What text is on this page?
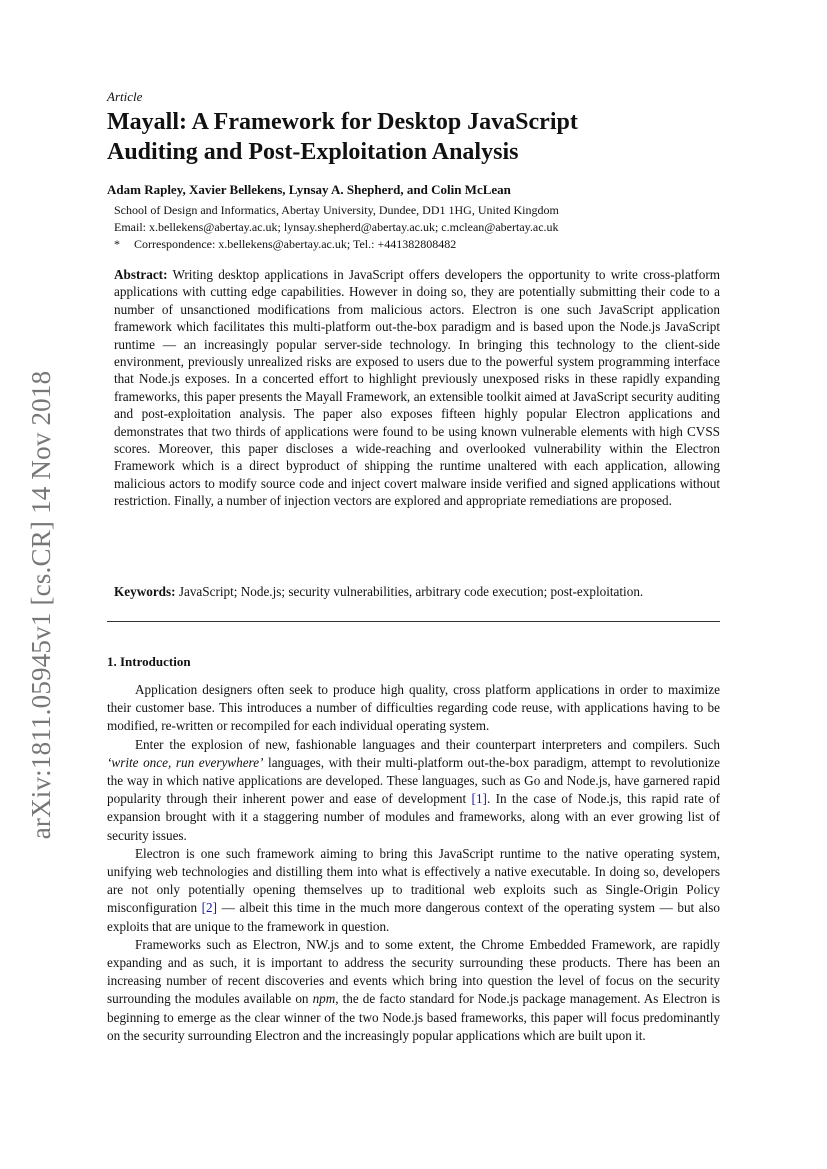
arXiv:1811.05945v1 [cs.CR] 14 Nov 2018
Article
Mayall: A Framework for Desktop JavaScript
Auditing and Post-Exploitation Analysis
Adam Rapley, Xavier Bellekens, Lynsay A. Shepherd, and Colin McLean
School of Design and Informatics, Abertay University, Dundee, DD1 1HG, United Kingdom
Email: x.bellekens@abertay.ac.uk; lynsay.shepherd@abertay.ac.uk; c.mclean@abertay.ac.uk
* Correspondence: x.bellekens@abertay.ac.uk; Tel.: +441382808482

Abstract: Writing desktop applications in JavaScript offers developers the opportunity to write cross-platform applications with cutting edge capabilities. However in doing so, they are potentially submitting their code to a number of unsanctioned modifications from malicious actors. Electron is one such JavaScript application framework which facilitates this multi-platform out-the-box paradigm and is based upon the Node.js JavaScript runtime — an increasingly popular server-side technology. In bringing this technology to the client-side environment, previously unrealized risks are exposed to users due to the powerful system programming interface that Node.js exposes. In a concerted effort to highlight previously unexposed risks in these rapidly expanding frameworks, this paper presents the Mayall Framework, an extensible toolkit aimed at JavaScript security auditing and post-exploitation analysis. The paper also exposes fifteen highly popular Electron applications and demonstrates that two thirds of applications were found to be using known vulnerable elements with high CVSS scores. Moreover, this paper discloses a wide-reaching and overlooked vulnerability within the Electron Framework which is a direct byproduct of shipping the runtime unaltered with each application, allowing malicious actors to modify source code and inject covert malware inside verified and signed applications without restriction. Finally, a number of injection vectors are explored and appropriate remediations are proposed.

Keywords: JavaScript; Node.js; security vulnerabilities, arbitrary code execution; post-exploitation.

1. Introduction

Application designers often seek to produce high quality, cross platform applications in order to maximize their customer base. This introduces a number of difficulties regarding code reuse, with applications having to be modified, re-written or recompiled for each individual operating system.

Enter the explosion of new, fashionable languages and their counterpart interpreters and compilers. Such ‘write once, run everywhere’ languages, with their multi-platform out-the-box paradigm, attempt to revolutionize the way in which native applications are developed. These languages, such as Go and Node.js, have garnered rapid popularity through their inherent power and ease of development [1]. In the case of Node.js, this rapid rate of expansion brought with it a staggering number of modules and frameworks, along with an ever growing list of security issues.

Electron is one such framework aiming to bring this JavaScript runtime to the native operating system, unifying web technologies and distilling them into what is effectively a native executable. In doing so, developers are not only potentially opening themselves up to traditional web exploits such as Single-Origin Policy misconfiguration [2] — albeit this time in the much more dangerous context of the operating system — but also exploits that are unique to the framework in question.

Frameworks such as Electron, NW.js and to some extent, the Chrome Embedded Framework, are rapidly expanding and as such, it is important to address the security surrounding these products. There has been an increasing number of recent discoveries and events which bring into question the level of focus on the security surrounding the modules available on npm, the de facto standard for Node.js package management. As Electron is beginning to emerge as the clear winner of the two Node.js based frameworks, this paper will focus predominantly on the security surrounding Electron and the increasingly popular applications which are built upon it.
